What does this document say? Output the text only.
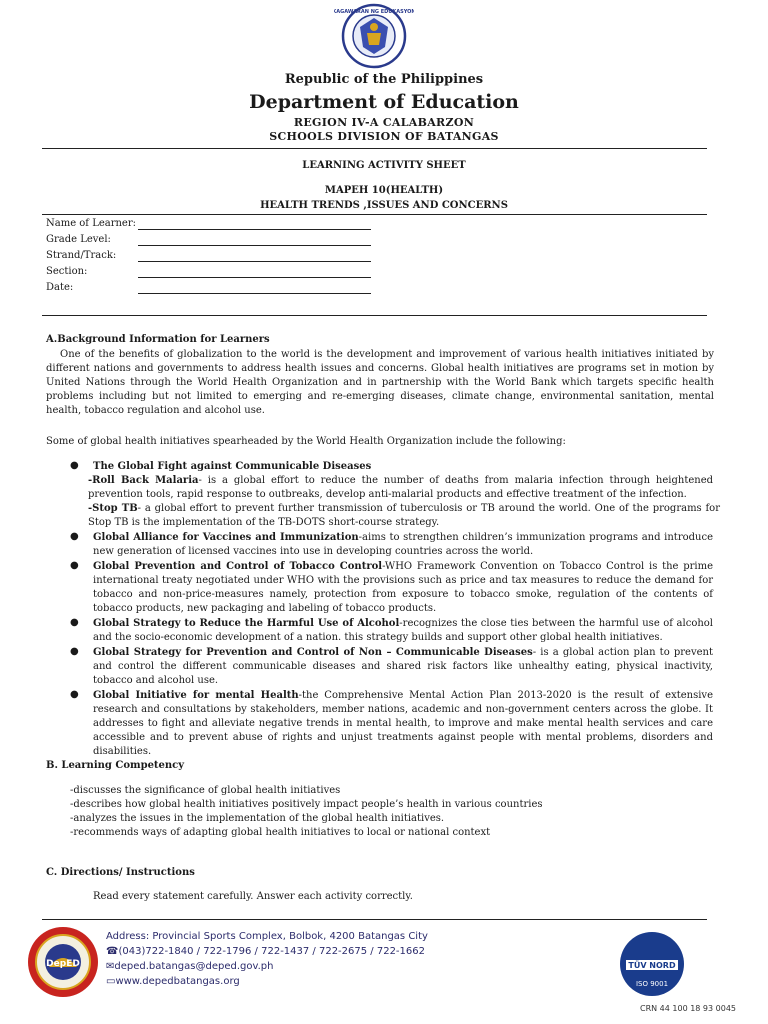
KAGAWARAN NG EDUKASYON
Republic of the Philippines
Department of Education
REGION IV-A CALABARZON
SCHOOLS DIVISION OF BATANGAS
LEARNING ACTIVITY SHEET
MAPEH 10(HEALTH)
HEALTH TRENDS ,ISSUES AND CONCERNS
Name of Learner:
Grade Level:
Strand/Track:
Section:
Date:
A.Background Information for Learners
One of the benefits of globalization to the world is the development and improvement of various health initiatives initiated by different nations and governments to address health issues and concerns. Global health initiatives are programs set in motion by United Nations through the World Health Organization and in partnership with the World Bank which targets specific health problems including but not limited to emerging and re-emerging diseases, climate change, environmental sanitation, mental health, tobacco regulation and alcohol use.
Some of global health initiatives spearheaded by the World Health Organization include the following:
● The Global Fight against Communicable Diseases
-Roll Back Malaria- is a global effort to reduce the number of deaths from malaria infection through heightened prevention tools, rapid response to outbreaks, develop anti-malarial products and effective treatment of the infection.
-Stop TB- a global effort to prevent further transmission of tuberculosis or TB around the world. One of the programs for Stop TB is the implementation of the TB-DOTS short-course strategy.
● Global Alliance for Vaccines and Immunization-aims to strengthen children’s immunization programs and introduce new generation of licensed vaccines into use in developing countries across the world.
● Global Prevention and Control of Tobacco Control-WHO Framework Convention on Tobacco Control is the prime international treaty negotiated under WHO with the provisions such as price and tax measures to reduce the demand for tobacco and non-price-measures namely, protection from exposure to tobacco smoke, regulation of the contents of tobacco products, new packaging and labeling of tobacco products.
● Global Strategy to Reduce the Harmful Use of Alcohol-recognizes the close ties between the harmful use of alcohol and the socio-economic development of a nation. this strategy builds and support other global health initiatives.
● Global Strategy for Prevention and Control of Non – Communicable Diseases- is a global action plan to prevent and control the different communicable diseases and shared risk factors like unhealthy eating, physical inactivity, tobacco and alcohol use.
● Global Initiative for mental Health-the Comprehensive Mental Action Plan 2013-2020 is the result of extensive research and consultations by stakeholders, member nations, academic and non-government centers across the globe. It addresses to fight and alleviate negative trends in mental health, to improve and make mental health services and care accessible and to prevent abuse of rights and unjust treatments against people with mental problems, disorders and disabilities.
B. Learning Competency
-discusses the significance of global health initiatives
-describes how global health initiatives positively impact people’s health in various countries
-analyzes the issues in the implementation of the global health initiatives.
-recommends ways of adapting global health initiatives to local or national context
C. Directions/ Instructions
Read every statement carefully. Answer each activity correctly.
DepED
Address: Provincial Sports Complex, Bolbok, 4200 Batangas City
☎(043)722-1840 / 722-1796 / 722-1437 / 722-2675 / 722-1662
✉deped.batangas@deped.gov.ph
▭www.depedbatangas.org
TÜV NORD
ISO 9001
CRN 44 100 18 93 0045
